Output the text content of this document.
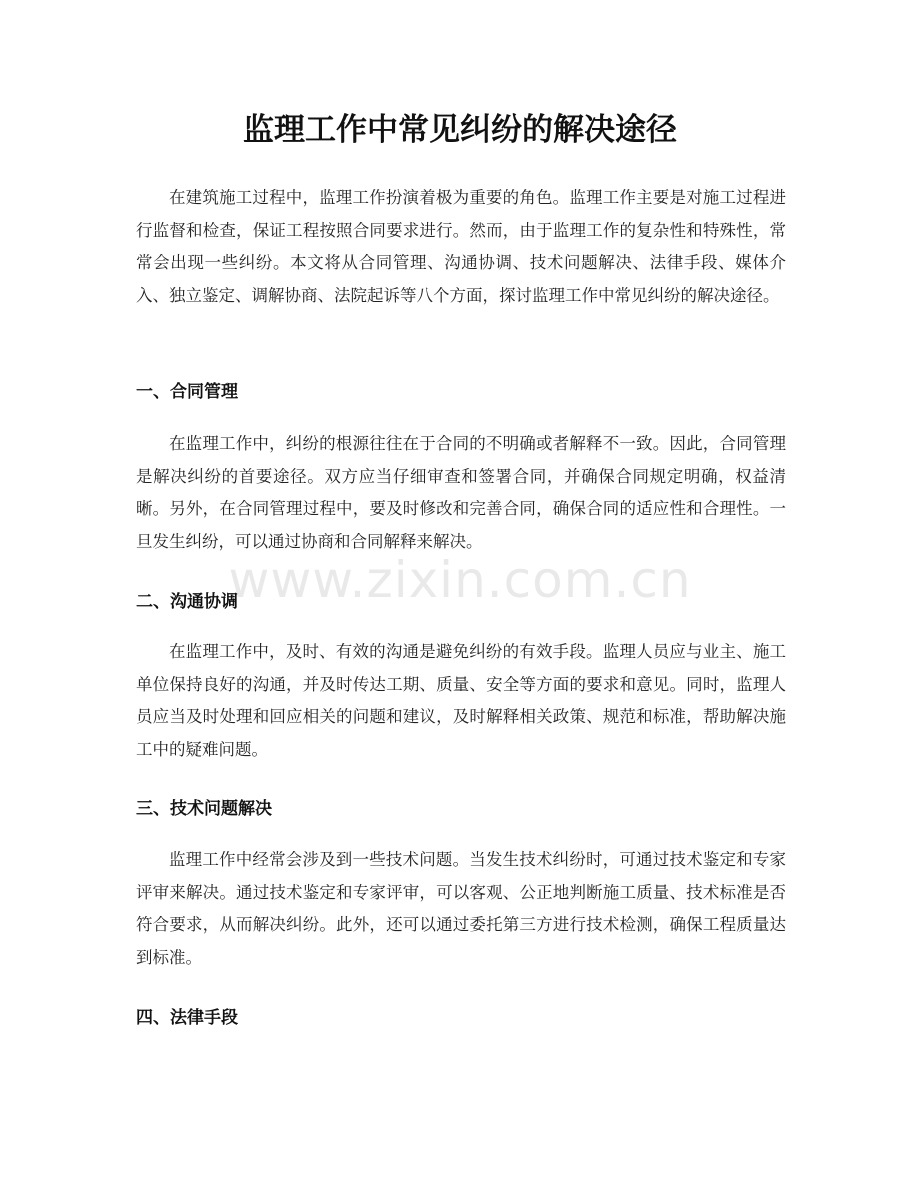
监理工作中常见纠纷的解决途径

在建筑施工过程中，监理工作扮演着极为重要的角色。监理工作主要是对施工过程进行监督和检查，保证工程按照合同要求进行。然而，由于监理工作的复杂性和特殊性，常常会出现一些纠纷。本文将从合同管理、沟通协调、技术问题解决、法律手段、媒体介入、独立鉴定、调解协商、法院起诉等八个方面，探讨监理工作中常见纠纷的解决途径。

一、合同管理

在监理工作中，纠纷的根源往往在于合同的不明确或者解释不一致。因此，合同管理是解决纠纷的首要途径。双方应当仔细审查和签署合同，并确保合同规定明确，权益清晰。另外，在合同管理过程中，要及时修改和完善合同，确保合同的适应性和合理性。一旦发生纠纷，可以通过协商和合同解释来解决。

二、沟通协调

在监理工作中，及时、有效的沟通是避免纠纷的有效手段。监理人员应与业主、施工单位保持良好的沟通，并及时传达工期、质量、安全等方面的要求和意见。同时，监理人员应当及时处理和回应相关的问题和建议，及时解释相关政策、规范和标准，帮助解决施工中的疑难问题。

三、技术问题解决

监理工作中经常会涉及到一些技术问题。当发生技术纠纷时，可通过技术鉴定和专家评审来解决。通过技术鉴定和专家评审，可以客观、公正地判断施工质量、技术标准是否符合要求，从而解决纠纷。此外，还可以通过委托第三方进行技术检测，确保工程质量达到标准。

四、法律手段
www.zixin.com.cn
